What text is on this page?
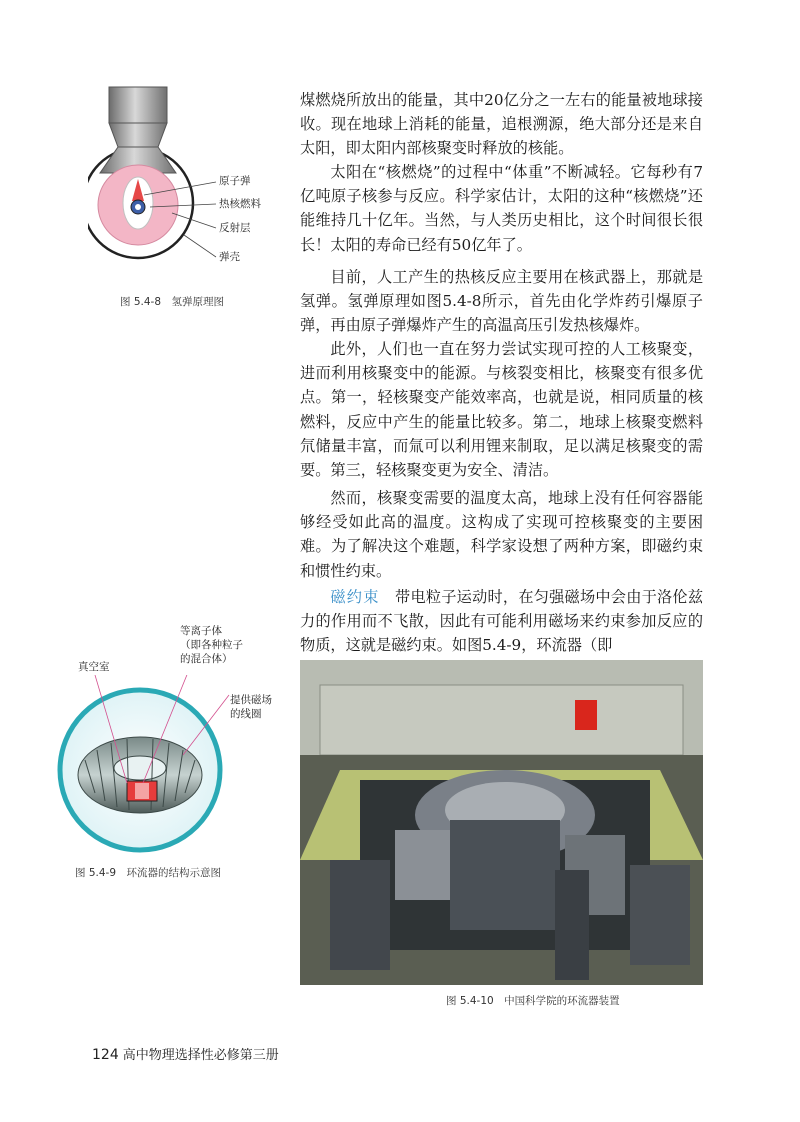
原子弹
热核燃料
反射层
弹壳
图 5.4-8　氢弹原理图

煤燃烧所放出的能量，其中20亿分之一左右的能量被地球接收。现在地球上消耗的能量，追根溯源，绝大部分还是来自太阳，即太阳内部核聚变时释放的核能。

太阳在“核燃烧”的过程中“体重”不断减轻。它每秒有7亿吨原子核参与反应。科学家估计，太阳的这种“核燃烧”还能维持几十亿年。当然，与人类历史相比，这个时间很长很长！太阳的寿命已经有50亿年了。

目前，人工产生的热核反应主要用在核武器上，那就是氢弹。氢弹原理如图5.4-8所示，首先由化学炸药引爆原子弹，再由原子弹爆炸产生的高温高压引发热核爆炸。

此外，人们也一直在努力尝试实现可控的人工核聚变，进而利用核聚变中的能源。与核裂变相比，核聚变有很多优点。第一，轻核聚变产能效率高，也就是说，相同质量的核燃料，反应中产生的能量比较多。第二，地球上核聚变燃料氘储量丰富，而氚可以利用锂来制取，足以满足核聚变的需要。第三，轻核聚变更为安全、清洁。

然而，核聚变需要的温度太高，地球上没有任何容器能够经受如此高的温度。这构成了实现可控核聚变的主要困难。为了解决这个难题，科学家设想了两种方案，即磁约束和惯性约束。

磁约束　 带电粒子运动时，在匀强磁场中会由于洛伦兹力的作用而不飞散，因此有可能利用磁场来约束参加反应的物质，这就是磁约束。如图5.4-9，环流器（即

真空室
等离子体
（即各种粒子
的混合体）
提供磁场
的线圈
图 5.4-9　环流器的结构示意图
图 5.4-10　中国科学院的环流器装置
124 高中物理选择性必修第三册
